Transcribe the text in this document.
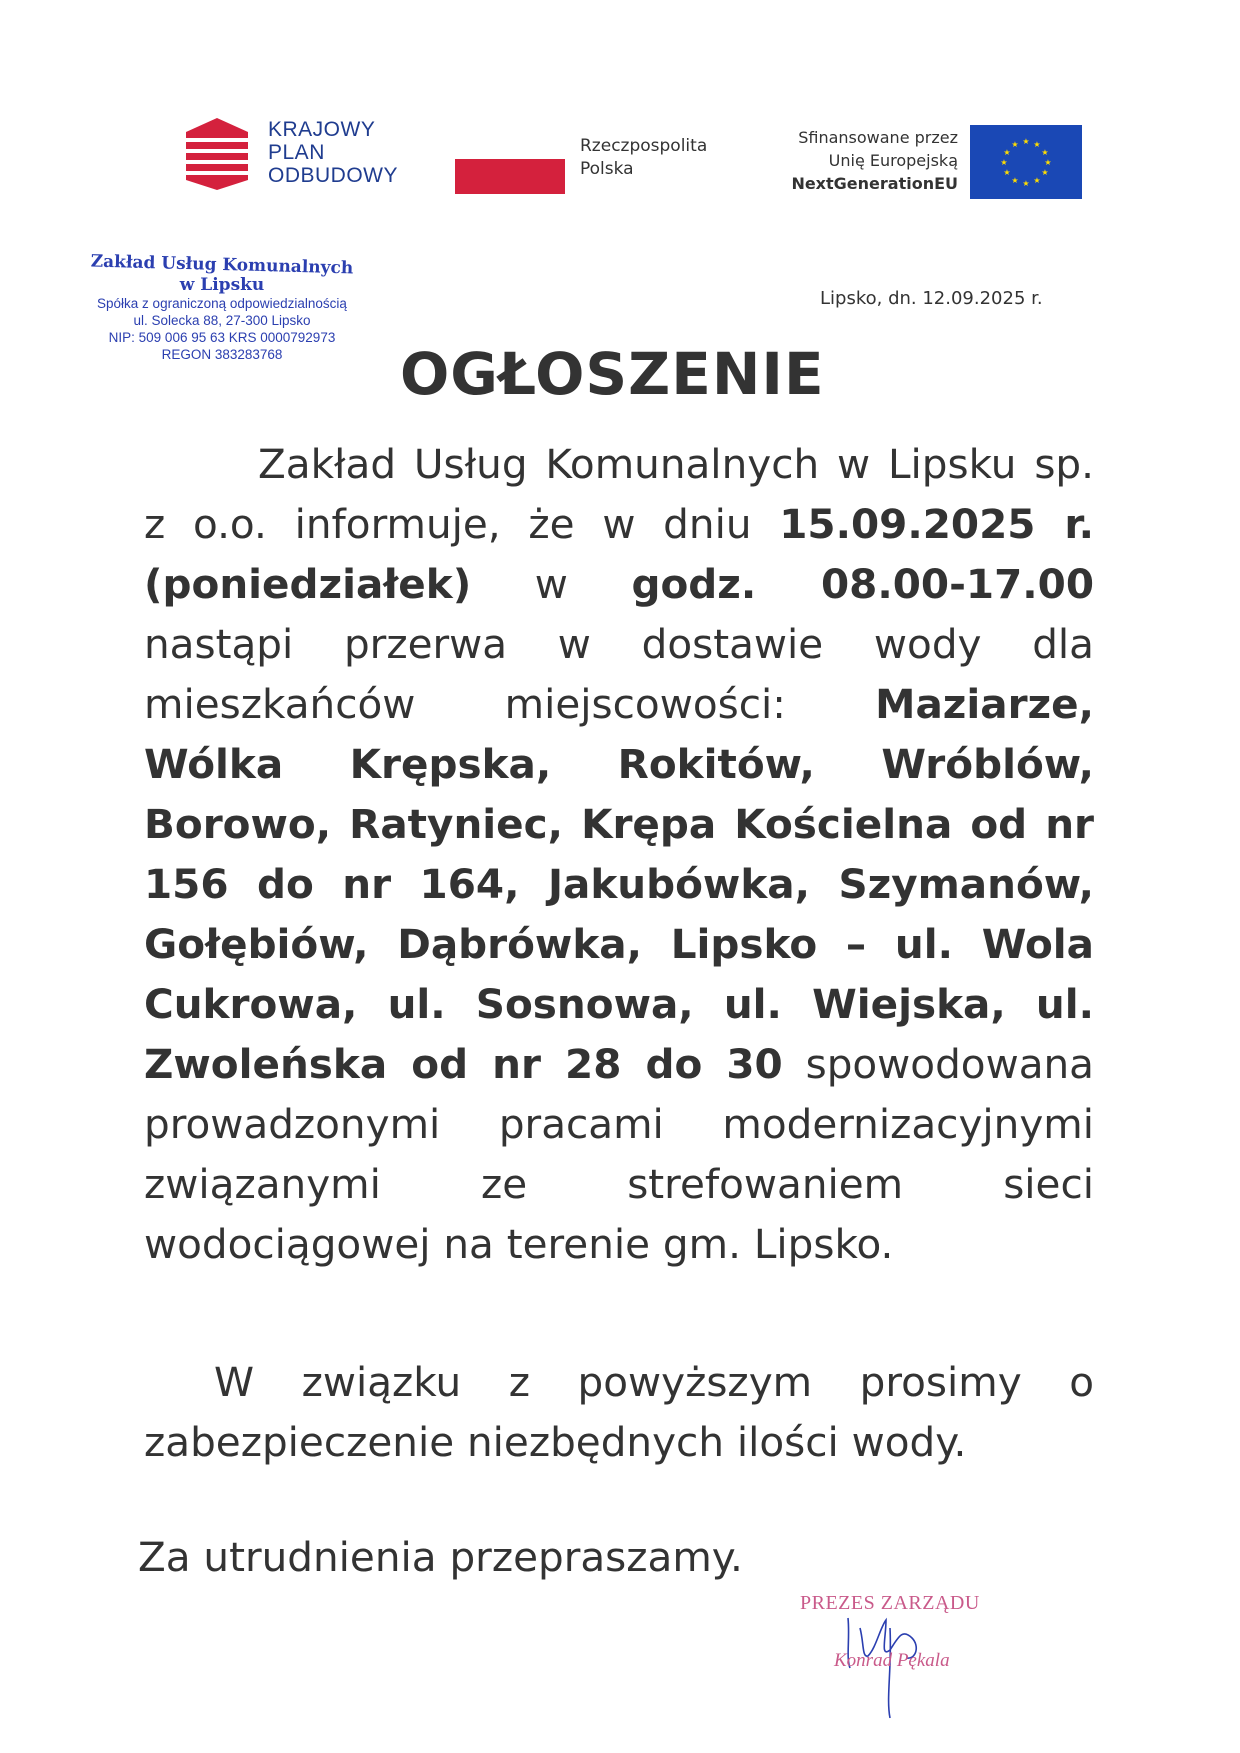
KRAJOWY
PLAN
ODBUDOWY
Rzeczpospolita
Polska
Sfinansowane przez
Unię Europejską
NextGenerationEU
★ ★
★
★
★
★
★
★
★
★
★
★
Zakład Usług Komunalnych
w Lipsku
Spółka z ograniczoną odpowiedzialnością
ul. Solecka 88, 27-300 Lipsko
NIP: 509 006 95 63 KRS 0000792973
REGON 383283768
Lipsko, dn. 12.09.2025 r.
OGŁOSZENIE
Zakład Usług Komunalnych w Lipsku sp. z o.o. informuje, że w dniu 15.09.2025 r. (poniedziałek) w godz. 08.00-17.00 nastąpi przerwa w dostawie wody dla mieszkańców miejscowości: Maziarze, Wólka Krępska, Rokitów, Wróblów, Borowo, Ratyniec, Krępa Kościelna od nr 156 do nr 164, Jakubówka, Szymanów, Gołębiów, Dąbrówka, Lipsko – ul. Wola Cukrowa, ul. Sosnowa, ul. Wiejska, ul. Zwoleńska od nr 28 do 30 spowodowana prowadzonymi pracami modernizacyjnymi związanymi ze strefowaniem sieci wodociągowej na terenie gm. Lipsko.
W związku z powyższym prosimy o zabezpieczenie niezbędnych ilości wody.
Za utrudnienia przepraszamy.
PREZES ZARZĄDU
Konrad Pękala
